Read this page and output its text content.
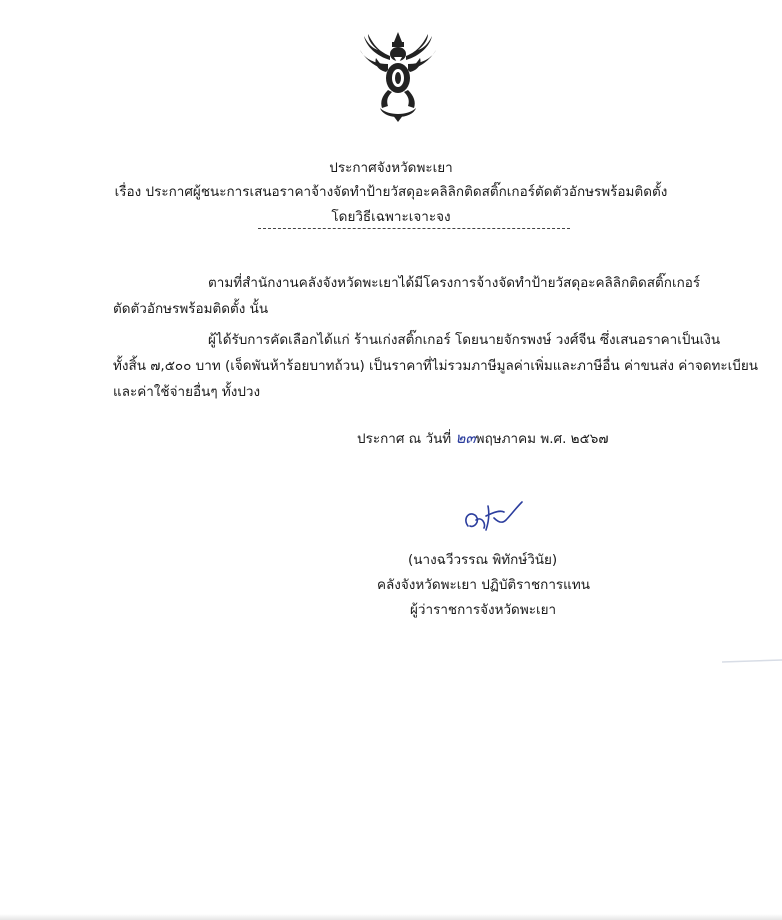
ประกาศจังหวัดพะเยา
เรื่อง ประกาศผู้ชนะการเสนอราคาจ้างจัดทำป้ายวัสดุอะคลิลิกติดสติ๊กเกอร์ตัดตัวอักษรพร้อมติดตั้ง
โดยวิธีเฉพาะเจาะจง
ตามที่สำนักงานคลังจังหวัดพะเยาได้มีโครงการจ้างจัดทำป้ายวัสดุอะคลิลิกติดสติ๊กเกอร์
ตัดตัวอักษรพร้อมติดตั้ง นั้น
ผู้ได้รับการคัดเลือกได้แก่ ร้านเก่งสติ๊กเกอร์ โดยนายจักรพงษ์ วงศ์จีน ซึ่งเสนอราคาเป็นเงิน
ทั้งสิ้น ๗,๕๐๐ บาท (เจ็ดพันห้าร้อยบาทถ้วน) เป็นราคาที่ไม่รวมภาษีมูลค่าเพิ่มและภาษีอื่น ค่าขนส่ง ค่าจดทะเบียน
และค่าใช้จ่ายอื่นๆ ทั้งปวง
ประกาศ ณ วันที่ ๒๓พฤษภาคม พ.ศ. ๒๕๖๗
(นางฉวีวรรณ พิทักษ์วินัย)
คลังจังหวัดพะเยา ปฏิบัติราชการแทน
ผู้ว่าราชการจังหวัดพะเยา
